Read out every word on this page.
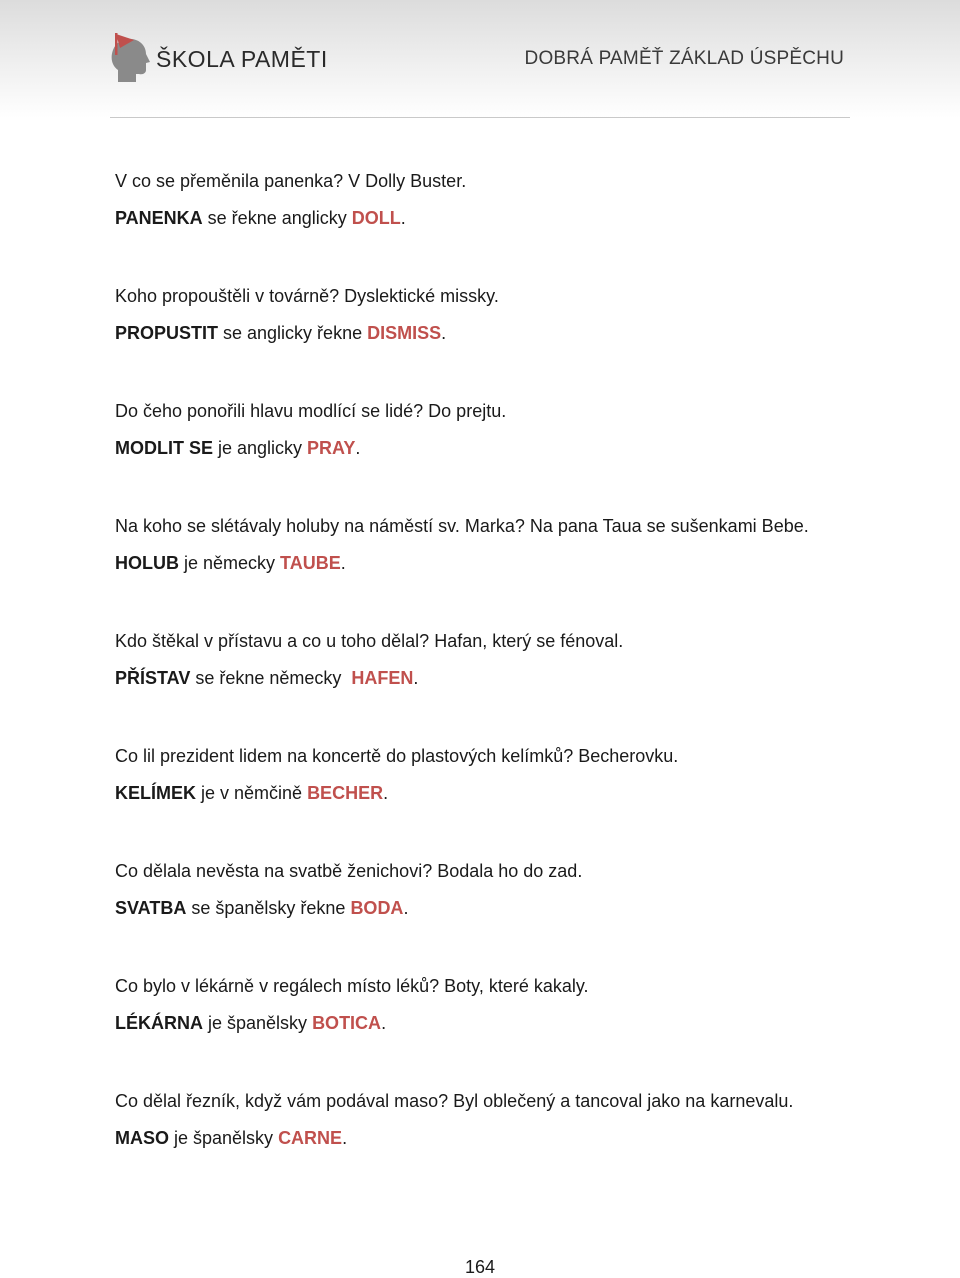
ŠKOLA PAMĚTI	DOBRÁ PAMĚŤ ZÁKLAD ÚSPĚCHU
V co se přeměnila panenka? V Dolly Buster.
PANENKA se řekne anglicky DOLL.
Koho propouštěli v továrně? Dyslektické missky.
PROPUSTIT se anglicky řekne DISMISS.
Do čeho ponořili hlavu modlící se lidé? Do prejtu.
MODLIT SE je anglicky PRAY.
Na koho se slétávaly holuby na náměstí sv. Marka? Na pana Taua se sušenkami Bebe.
HOLUB je německy TAUBE.
Kdo štěkal v přístavu a co u toho dělal? Hafan, který se fénoval.
PŘÍSTAV se řekne německy  HAFEN.
Co lil prezident lidem na koncertě do plastových kelímků? Becherovku.
KELÍMEK je v němčině BECHER.
Co dělala nevěsta na svatbě ženichovi? Bodala ho do zad.
SVATBA se španělsky řekne BODA.
Co bylo v lékárně v regálech místo léků? Boty, které kakaly.
LÉKÁRNA je španělsky BOTICA.
Co dělal řezník, když vám podával maso? Byl oblečený a tancoval jako na karnevalu.
MASO je španělsky CARNE.
164
